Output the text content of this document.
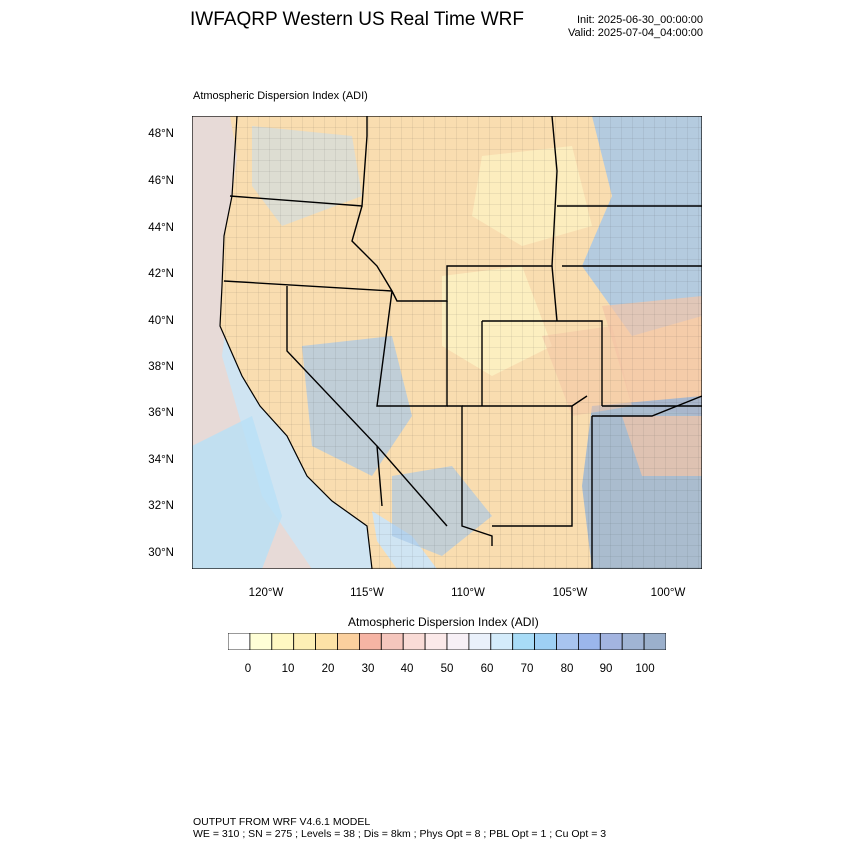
IWFAQRP Western US Real Time WRF	Init: 2025-06-30_00:00:00
Valid: 2025-07-04_04:00:00
Atmospheric Dispersion Index (ADI)
48°N
46°N
44°N
42°N
40°N
38°N
36°N
34°N
32°N
30°N
120°W	115°W	110°W	105°W	100°W
Atmospheric Dispersion Index (ADI)
0	10	20	30	40	50	60	70	80	90	100
OUTPUT FROM WRF V4.6.1 MODEL
WE = 310 ; SN = 275 ; Levels = 38 ; Dis = 8km ; Phys Opt = 8 ; PBL Opt = 1 ; Cu Opt = 3
